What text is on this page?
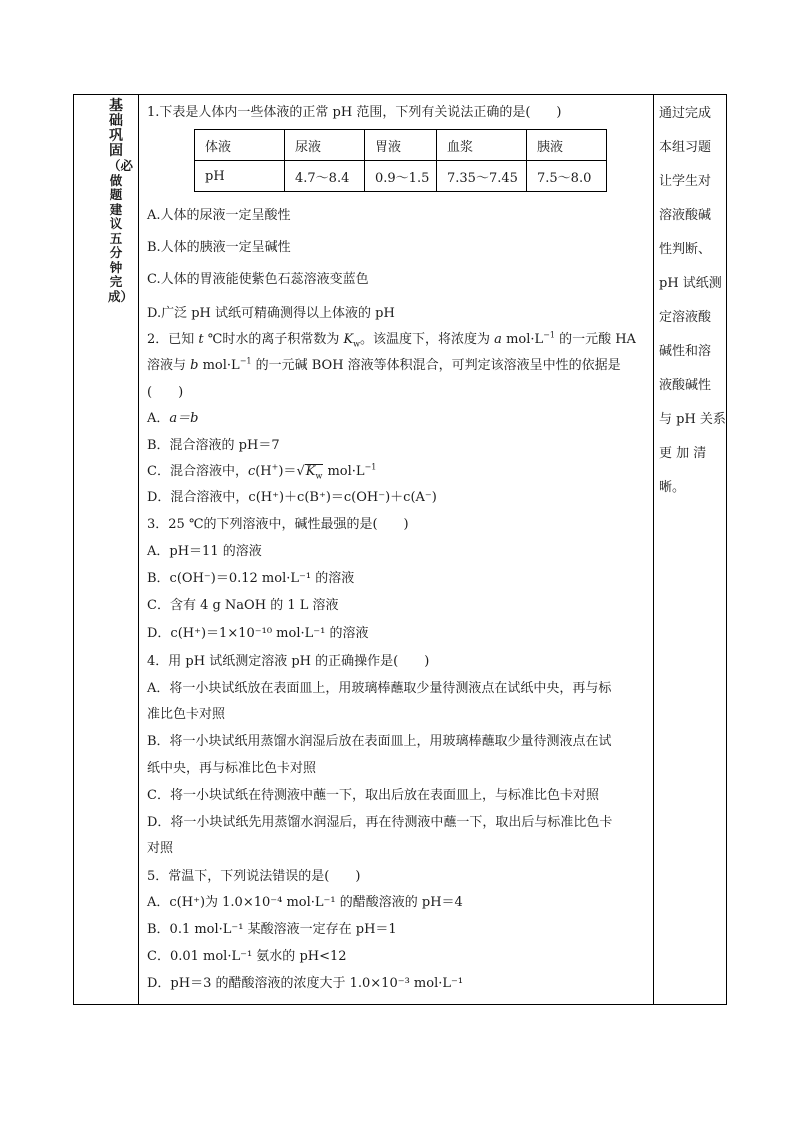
基础巩固
（必做题建议五分钟完成）
1.下表是人体内一些体液的正常 pH 范围，下列有关说法正确的是(　　)
体液	尿液	胃液	血浆	胰液
pH	4.7～8.4	0.9～1.5	7.35～7.45	7.5～8.0
A.人体的尿液一定呈酸性
B.人体的胰液一定呈碱性
C.人体的胃液能使紫色石蕊溶液变蓝色
D.广泛 pH 试纸可精确测得以上体液的 pH
2．已知 t ℃时水的离子积常数为 $K_w$。该温度下，将浓度为 a $mol\cdot L^{-1}$ 的一元酸 HA
溶液与 b $mol\cdot L^{-1}$ 的一元碱 BOH 溶液等体积混合，可判定该溶液呈中性的依据是
(　　)
A．a＝b
B．混合溶液的 pH＝7
C．混合溶液中，$c(H^+)=√K_w$ $mol\cdot L^{-1}$
D．混合溶液中，c(H⁺)＋c(B⁺)＝c(OH⁻)＋c(A⁻)
3．25 ℃的下列溶液中，碱性最强的是(　　)
A．pH＝11 的溶液
B．c(OH⁻)＝0.12 mol·L⁻¹ 的溶液
C．含有 4 g NaOH 的 1 L 溶液
D．c(H⁺)＝1×10⁻¹⁰ mol·L⁻¹ 的溶液
4．用 pH 试纸测定溶液 pH 的正确操作是(　　)
A．将一小块试纸放在表面皿上，用玻璃棒蘸取少量待测液点在试纸中央，再与标
准比色卡对照
B．将一小块试纸用蒸馏水润湿后放在表面皿上，用玻璃棒蘸取少量待测液点在试
纸中央，再与标准比色卡对照
C．将一小块试纸在待测液中蘸一下，取出后放在表面皿上，与标准比色卡对照
D．将一小块试纸先用蒸馏水润湿后，再在待测液中蘸一下，取出后与标准比色卡
对照
5．常温下，下列说法错误的是(　　)
A．c(H⁺)为 1.0×10⁻⁴ mol·L⁻¹ 的醋酸溶液的 pH＝4
B．0.1 mol·L⁻¹ 某酸溶液一定存在 pH＝1
C．0.01 mol·L⁻¹ 氨水的 pH<12
D．pH＝3 的醋酸溶液的浓度大于 1.0×10⁻³ mol·L⁻¹
通过完成
本组习题
让学生对
溶液酸碱
性判断、
pH 试纸测
定溶液酸
碱性和溶
液酸碱性
与 pH 关系
更 加 清
晰。
